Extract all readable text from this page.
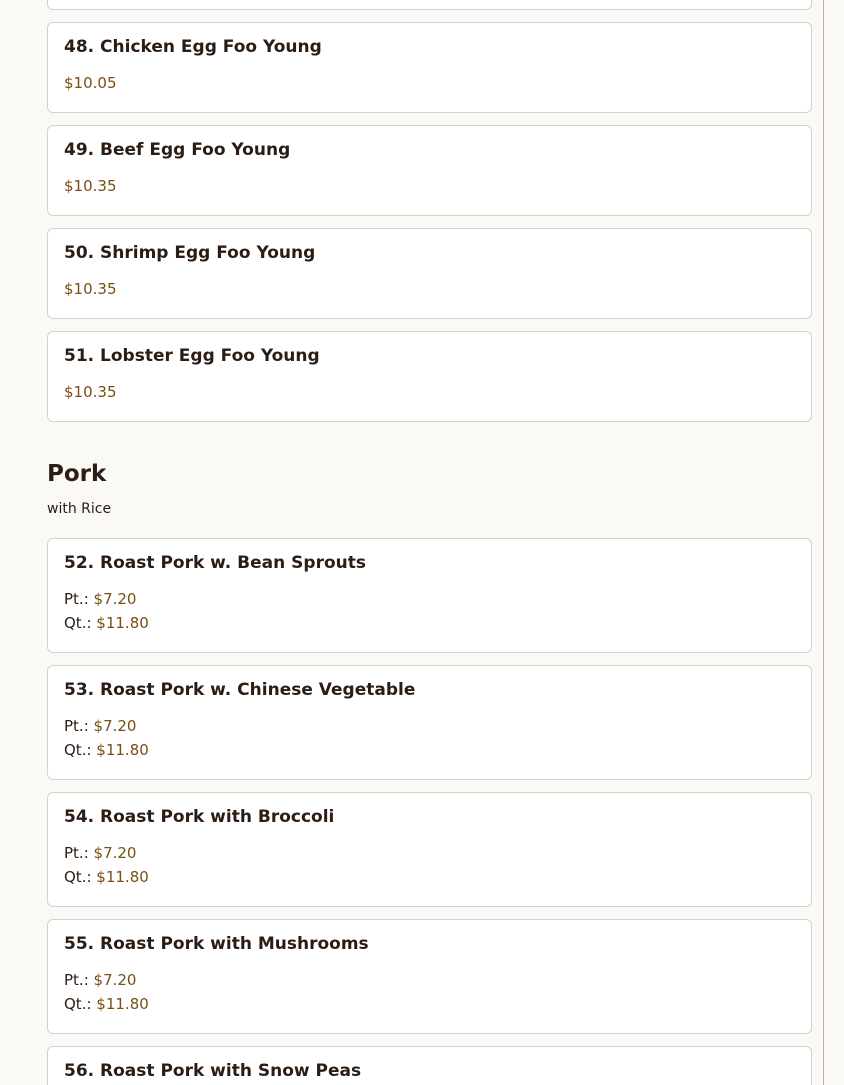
48. Chicken Egg Foo Young
$10.05
49. Beef Egg Foo Young
$10.35
50. Shrimp Egg Foo Young
$10.35
51. Lobster Egg Foo Young
$10.35
Pork
with Rice
52. Roast Pork w. Bean Sprouts
Pt.: $7.20
Qt.: $11.80
53. Roast Pork w. Chinese Vegetable
Pt.: $7.20
Qt.: $11.80
54. Roast Pork with Broccoli
Pt.: $7.20
Qt.: $11.80
55. Roast Pork with Mushrooms
Pt.: $7.20
Qt.: $11.80
56. Roast Pork with Snow Peas
